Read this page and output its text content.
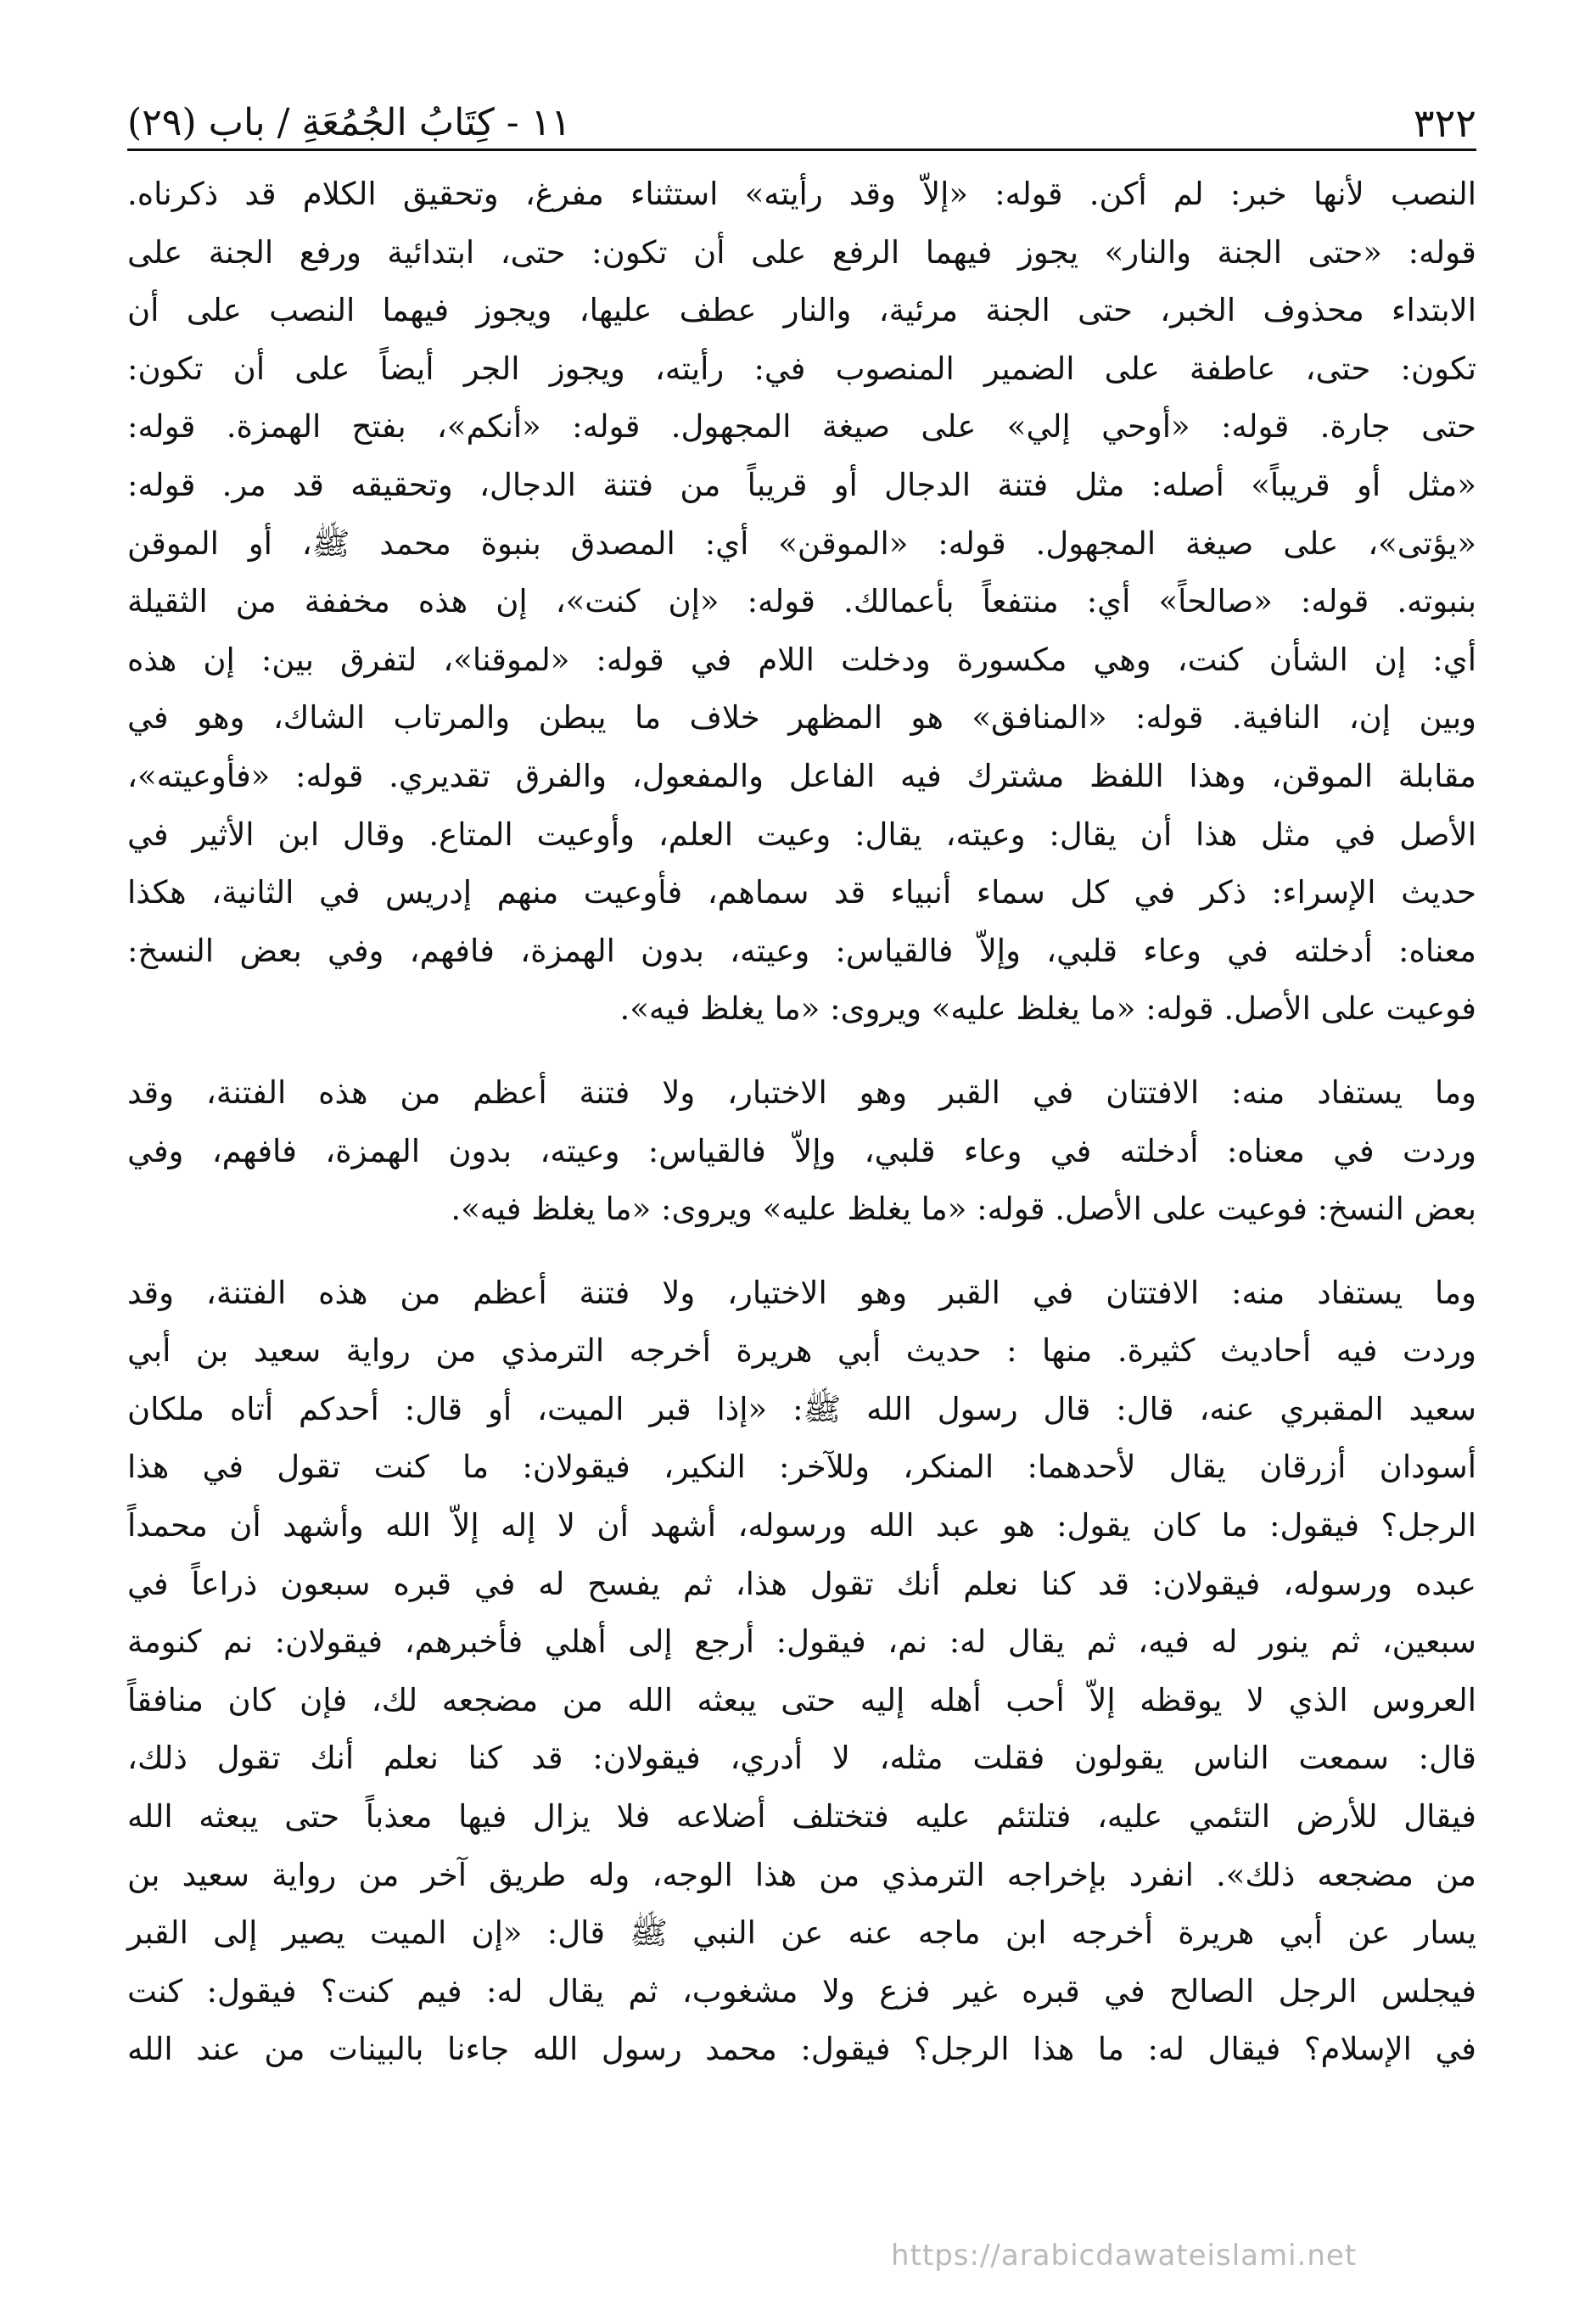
٣٢٢
١١ - كِتَابُ الجُمُعَةِ / باب (٢٩)
النصب لأنها خبر: لم أكن. قوله: «إلاّ وقد رأيته» استثناء مفرغ، وتحقيق الكلام قد ذكرناه.
قوله: «حتى الجنة والنار» يجوز فيهما الرفع على أن تكون: حتى، ابتدائية ورفع الجنة على
الابتداء محذوف الخبر، حتى الجنة مرئية، والنار عطف عليها، ويجوز فيهما النصب على أن
تكون: حتى، عاطفة على الضمير المنصوب في: رأيته، ويجوز الجر أيضاً على أن تكون:
حتى جارة. قوله: «أوحي إلي» على صيغة المجهول. قوله: «أنكم»، بفتح الهمزة. قوله:
«مثل أو قريباً» أصله: مثل فتنة الدجال أو قريباً من فتنة الدجال، وتحقيقه قد مر. قوله:
«يؤتى»، على صيغة المجهول. قوله: «الموقن» أي: المصدق بنبوة محمد ﷺ، أو الموقن
بنبوته. قوله: «صالحاً» أي: منتفعاً بأعمالك. قوله: «إن كنت»، إن هذه مخففة من الثقيلة
أي: إن الشأن كنت، وهي مكسورة ودخلت اللام في قوله: «لموقنا»، لتفرق بين: إن هذه
وبين إن، النافية. قوله: «المنافق» هو المظهر خلاف ما يبطن والمرتاب الشاك، وهو في
مقابلة الموقن، وهذا اللفظ مشترك فيه الفاعل والمفعول، والفرق تقديري. قوله: «فأوعيته»،
الأصل في مثل هذا أن يقال: وعيته، يقال: وعيت العلم، وأوعيت المتاع. وقال ابن الأثير في
حديث الإسراء: ذكر في كل سماء أنبياء قد سماهم، فأوعيت منهم إدريس في الثانية، هكذا
معناه: أدخلته في وعاء قلبي، وإلاّ فالقياس: وعيته، بدون الهمزة، فافهم، وفي بعض النسخ:
فوعيت على الأصل. قوله: «ما يغلظ عليه» ويروى: «ما يغلظ فيه».
وما يستفاد منه: الافتتان في القبر وهو الاختبار، ولا فتنة أعظم من هذه الفتنة، وقد
وردت في معناه: أدخلته في وعاء قلبي، وإلاّ فالقياس: وعيته، بدون الهمزة، فافهم، وفي
بعض النسخ: فوعيت على الأصل. قوله: «ما يغلظ عليه» ويروى: «ما يغلظ فيه».
وما يستفاد منه: الافتتان في القبر وهو الاختيار، ولا فتنة أعظم من هذه الفتنة، وقد
وردت فيه أحاديث كثيرة. منها : حديث أبي هريرة أخرجه الترمذي من رواية سعيد بن أبي
سعيد المقبري عنه، قال: قال رسول الله ﷺ: «إذا قبر الميت، أو قال: أحدكم أتاه ملكان
أسودان أزرقان يقال لأحدهما: المنكر، وللآخر: النكير، فيقولان: ما كنت تقول في هذا
الرجل؟ فيقول: ما كان يقول: هو عبد الله ورسوله، أشهد أن لا إله إلاّ الله وأشهد أن محمداً
عبده ورسوله، فيقولان: قد كنا نعلم أنك تقول هذا، ثم يفسح له في قبره سبعون ذراعاً في
سبعين، ثم ينور له فيه، ثم يقال له: نم، فيقول: أرجع إلى أهلي فأخبرهم، فيقولان: نم كنومة
العروس الذي لا يوقظه إلاّ أحب أهله إليه حتى يبعثه الله من مضجعه لك، فإن كان منافقاً
قال: سمعت الناس يقولون فقلت مثله، لا أدري، فيقولان: قد كنا نعلم أنك تقول ذلك،
فيقال للأرض التئمي عليه، فتلتئم عليه فتختلف أضلاعه فلا يزال فيها معذباً حتى يبعثه الله
من مضجعه ذلك». انفرد بإخراجه الترمذي من هذا الوجه، وله طريق آخر من رواية سعيد بن
يسار عن أبي هريرة أخرجه ابن ماجه عنه عن النبي ﷺ قال: «إن الميت يصير إلى القبر
فيجلس الرجل الصالح في قبره غير فزع ولا مشغوب، ثم يقال له: فيم كنت؟ فيقول: كنت
في الإسلام؟ فيقال له: ما هذا الرجل؟ فيقول: محمد رسول الله جاءنا بالبينات من عند الله
https://arabicdawateislami.net
